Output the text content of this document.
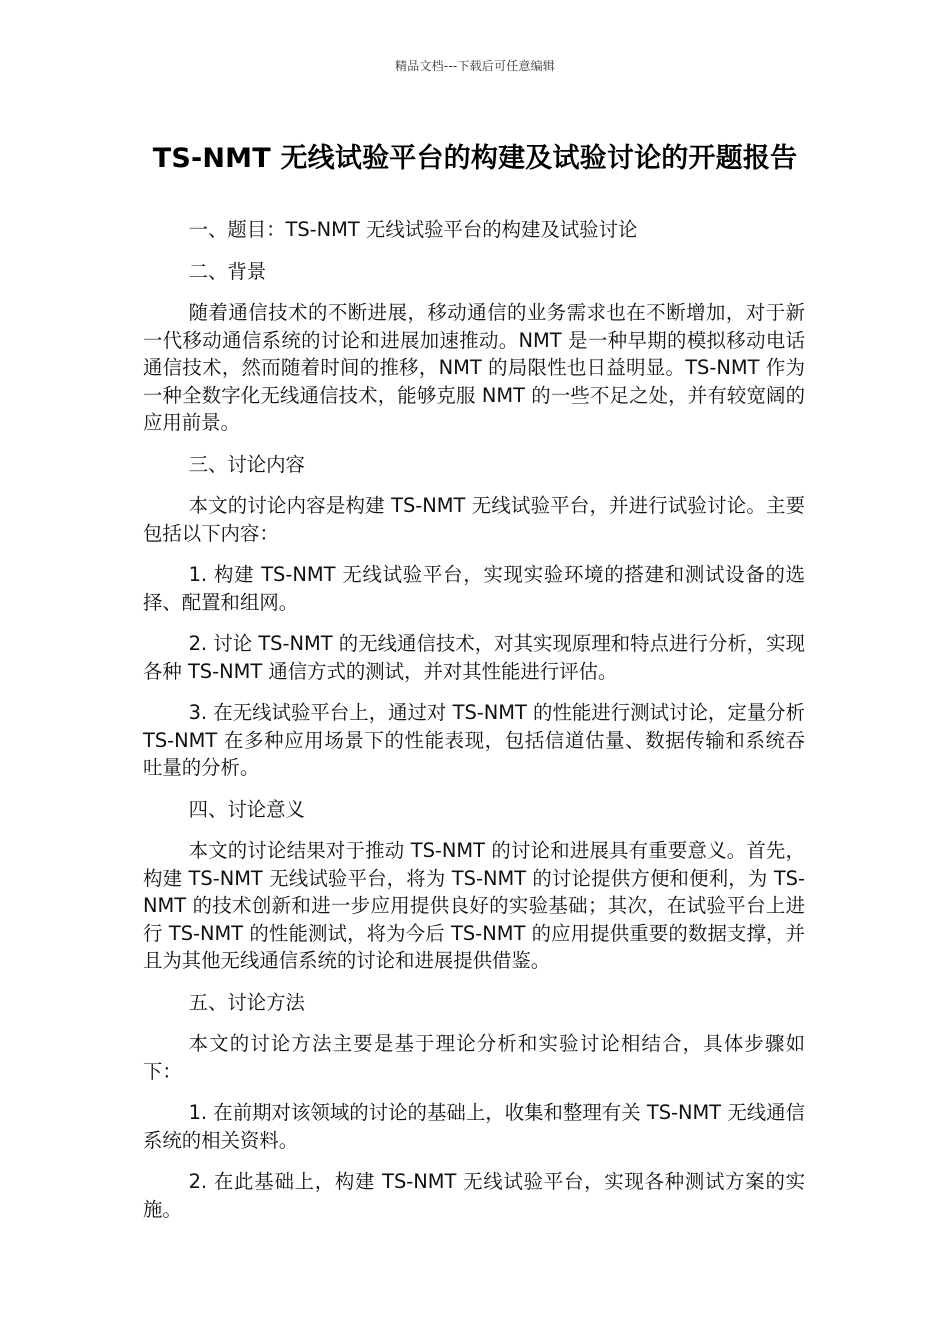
精品文档---下载后可任意编辑
TS-NMT 无线试验平台的构建及试验讨论的开题报告

一、题目：TS-NMT 无线试验平台的构建及试验讨论

二、背景

随着通信技术的不断进展，移动通信的业务需求也在不断增加，对于新一代移动通信系统的讨论和进展加速推动。NMT 是一种早期的模拟移动电话通信技术，然而随着时间的推移，NMT 的局限性也日益明显。TS-NMT 作为一种全数字化无线通信技术，能够克服 NMT 的一些不足之处，并有较宽阔的应用前景。

三、讨论内容

本文的讨论内容是构建 TS-NMT 无线试验平台，并进行试验讨论。主要包括以下内容：

1. 构建 TS-NMT 无线试验平台，实现实验环境的搭建和测试设备的选择、配置和组网。

2. 讨论 TS-NMT 的无线通信技术，对其实现原理和特点进行分析，实现各种 TS-NMT 通信方式的测试，并对其性能进行评估。

3. 在无线试验平台上，通过对 TS-NMT 的性能进行测试讨论，定量分析 TS-NMT 在多种应用场景下的性能表现，包括信道估量、数据传输和系统吞吐量的分析。

四、讨论意义

本文的讨论结果对于推动 TS-NMT 的讨论和进展具有重要意义。首先，构建 TS-NMT 无线试验平台，将为 TS-NMT 的讨论提供方便和便利，为 TS-NMT 的技术创新和进一步应用提供良好的实验基础；其次，在试验平台上进行 TS-NMT 的性能测试，将为今后 TS-NMT 的应用提供重要的数据支撑，并且为其他无线通信系统的讨论和进展提供借鉴。

五、讨论方法

本文的讨论方法主要是基于理论分析和实验讨论相结合，具体步骤如下：

1. 在前期对该领域的讨论的基础上，收集和整理有关 TS-NMT 无线通信系统的相关资料。

2. 在此基础上，构建 TS-NMT 无线试验平台，实现各种测试方案的实施。
